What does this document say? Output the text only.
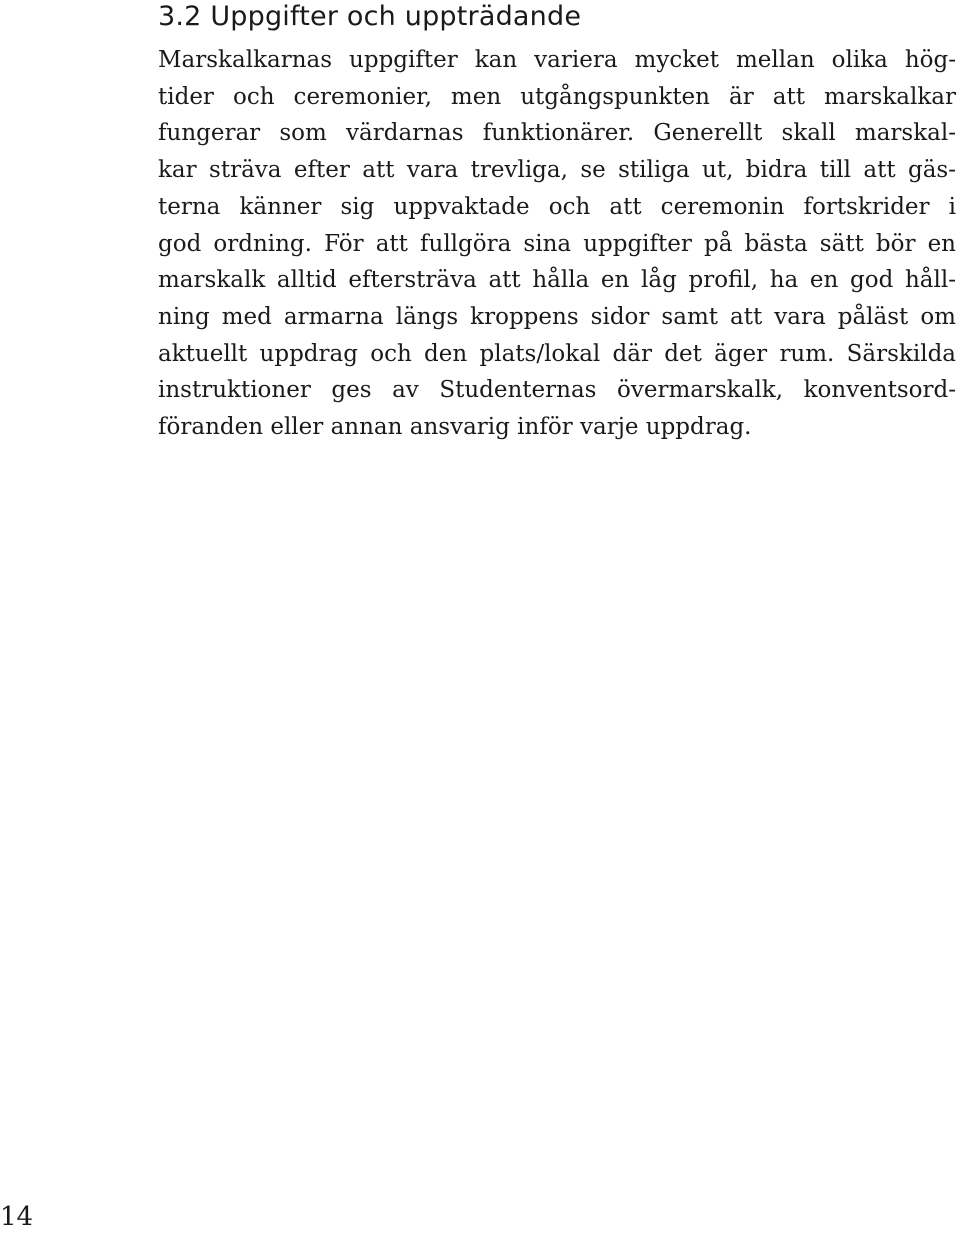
3.2 Uppgifter och uppträdande
Marskalkarnas uppgifter kan variera mycket mellan olika hög-
tider och ceremonier, men utgångspunkten är att marskalkar
fungerar som värdarnas funktionärer. Generellt skall marskal-
kar sträva efter att vara trevliga, se stiliga ut, bidra till att gäs-
terna känner sig uppvaktade och att ceremonin fortskrider i
god ordning. För att fullgöra sina uppgifter på bästa sätt bör en
marskalk alltid eftersträva att hålla en låg profil, ha en god håll-
ning med armarna längs kroppens sidor samt att vara påläst om
aktuellt uppdrag och den plats/lokal där det äger rum. Särskilda
instruktioner ges av Studenternas övermarskalk, konventsord-
föranden eller annan ansvarig inför varje uppdrag.
14
